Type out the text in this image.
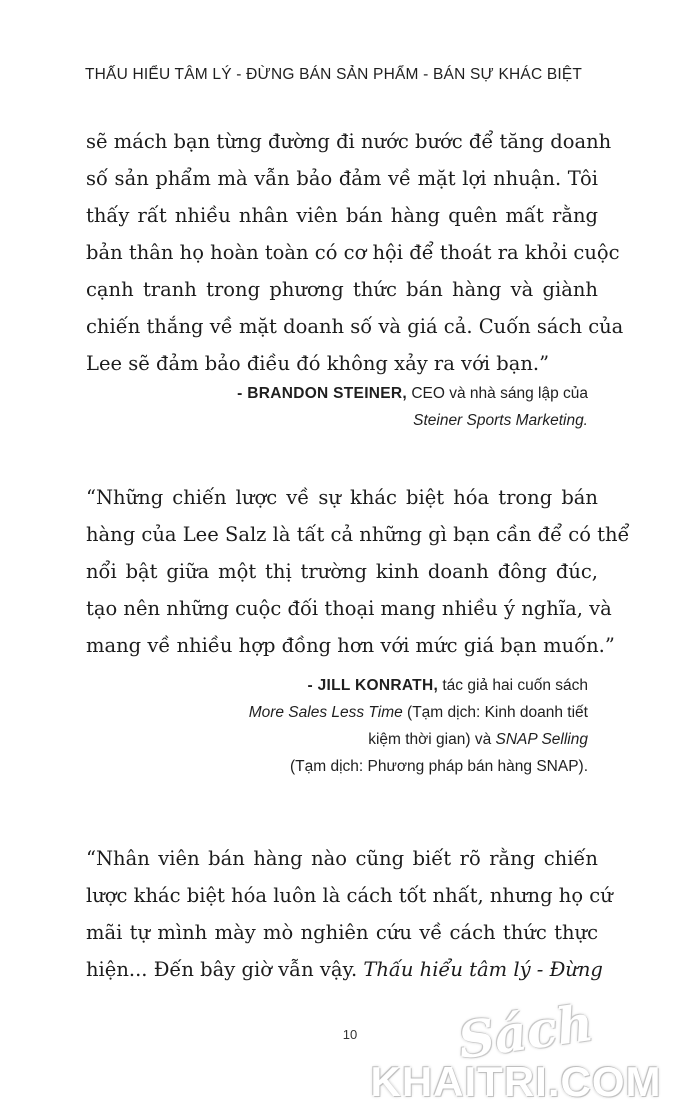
THẤU HIỂU TÂM LÝ - ĐỪNG BÁN SẢN PHẨM - BÁN SỰ KHÁC BIỆT
sẽ mách bạn từng đường đi nước bước để tăng doanh
số sản phẩm mà vẫn bảo đảm về mặt lợi nhuận. Tôi
thấy rất nhiều nhân viên bán hàng quên mất rằng
bản thân họ hoàn toàn có cơ hội để thoát ra khỏi cuộc
cạnh tranh trong phương thức bán hàng và giành
chiến thắng về mặt doanh số và giá cả. Cuốn sách của
Lee sẽ đảm bảo điều đó không xảy ra với bạn.”
- BRANDON STEINER, CEO và nhà sáng lập của
Steiner Sports Marketing.
“Những chiến lược về sự khác biệt hóa trong bán
hàng của Lee Salz là tất cả những gì bạn cần để có thể
nổi bật giữa một thị trường kinh doanh đông đúc,
tạo nên những cuộc đối thoại mang nhiều ý nghĩa, và
mang về nhiều hợp đồng hơn với mức giá bạn muốn.”
- JILL KONRATH, tác giả hai cuốn sách
More Sales Less Time (Tạm dịch: Kinh doanh tiết
kiệm thời gian) và SNAP Selling
(Tạm dịch: Phương pháp bán hàng SNAP).
“Nhân viên bán hàng nào cũng biết rõ rằng chiến
lược khác biệt hóa luôn là cách tốt nhất, nhưng họ cứ
mãi tự mình mày mò nghiên cứu về cách thức thực
hiện... Đến bây giờ vẫn vậy. Thấu hiểu tâm lý - Đừng
10	Sách
KHAITRI.COM
